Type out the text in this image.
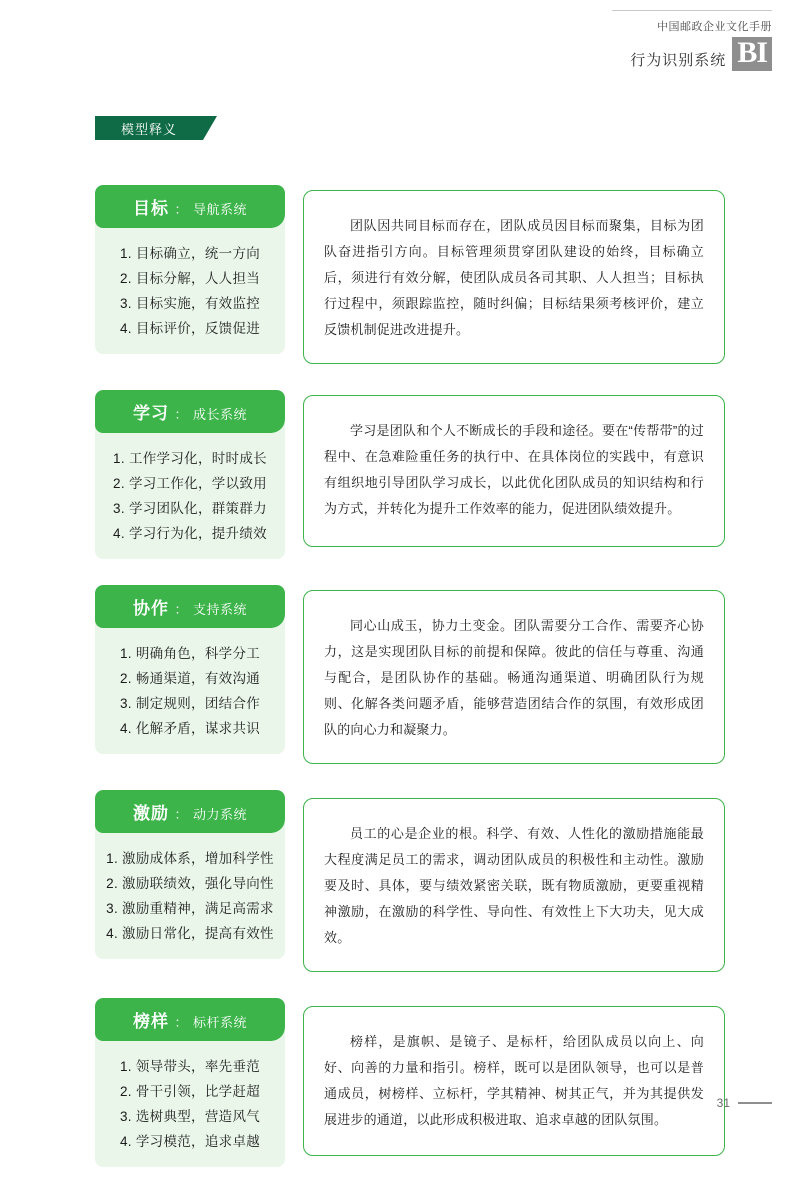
中国邮政企业文化手册
行为识别系统 BI
模型释义
目标 ： 导航系统
1. 目标确立，统一方向
2. 目标分解，人人担当
3. 目标实施，有效监控
4. 目标评价，反馈促进

团队因共同目标而存在，团队成员因目标而聚集，目标为团队奋进指引方向。目标管理须贯穿团队建设的始终，目标确立后，须进行有效分解，使团队成员各司其职、人人担当；目标执行过程中，须跟踪监控，随时纠偏；目标结果须考核评价，建立反馈机制促进改进提升。

学习 ： 成长系统
1. 工作学习化，时时成长
2. 学习工作化，学以致用
3. 学习团队化，群策群力
4. 学习行为化，提升绩效

学习是团队和个人不断成长的手段和途径。要在“传帮带”的过程中、在急难险重任务的执行中、在具体岗位的实践中，有意识有组织地引导团队学习成长，以此优化团队成员的知识结构和行为方式，并转化为提升工作效率的能力，促进团队绩效提升。

协作 ： 支持系统
1. 明确角色，科学分工
2. 畅通渠道，有效沟通
3. 制定规则，团结合作
4. 化解矛盾，谋求共识

同心山成玉，协力土变金。团队需要分工合作、需要齐心协力，这是实现团队目标的前提和保障。彼此的信任与尊重、沟通与配合，是团队协作的基础。畅通沟通渠道、明确团队行为规则、化解各类问题矛盾，能够营造团结合作的氛围，有效形成团队的向心力和凝聚力。

激励 ： 动力系统
1. 激励成体系，增加科学性
2. 激励联绩效，强化导向性
3. 激励重精神，满足高需求
4. 激励日常化，提高有效性

员工的心是企业的根。科学、有效、人性化的激励措施能最大程度满足员工的需求，调动团队成员的积极性和主动性。激励要及时、具体，要与绩效紧密关联，既有物质激励，更要重视精神激励，在激励的科学性、导向性、有效性上下大功夫，见大成效。

榜样 ： 标杆系统
1. 领导带头，率先垂范
2. 骨干引领，比学赶超
3. 选树典型，营造风气
4. 学习模范，追求卓越

榜样，是旗帜、是镜子、是标杆，给团队成员以向上、向好、向善的力量和指引。榜样，既可以是团队领导，也可以是普通成员，树榜样、立标杆，学其精神、树其正气，并为其提供发展进步的通道，以此形成积极进取、追求卓越的团队氛围。

31
